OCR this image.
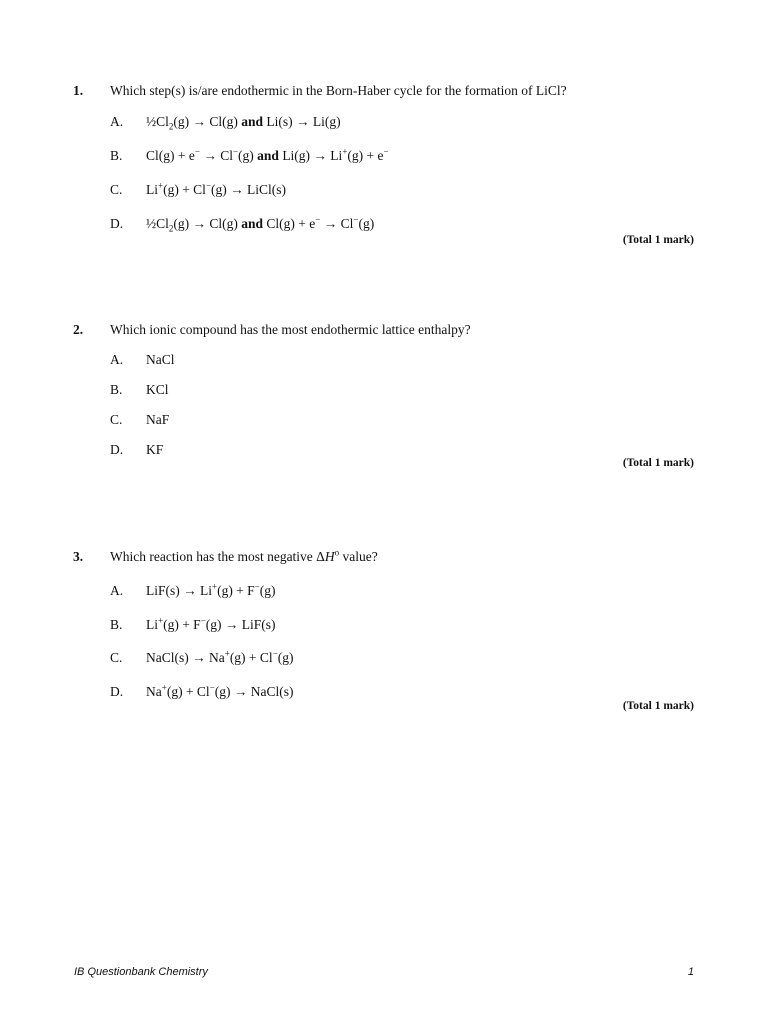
1. Which step(s) is/are endothermic in the Born-Haber cycle for the formation of LiCl?
A. $\frac{1}{2}Cl_2(g) \to Cl(g)$ and Li(s) → Li(g)
B. Cl(g) + e− → Cl−(g) and Li(g) → Li+(g) + e−
C. Li+(g) + Cl−(g) → LiCl(s)
D. $\frac{1}{2}Cl_2(g) \to Cl(g)$ and Cl(g) + e− → Cl−(g)
(Total 1 mark)
2. Which ionic compound has the most endothermic lattice enthalpy?
A. NaCl
B. KCl
C. NaF
D. KF
(Total 1 mark)
3. Which reaction has the most negative $\Delta H^o$ value?
A. LiF(s) → Li+(g) + F−(g)
B. Li+(g) + F−(g) → LiF(s)
C. NaCl(s) → Na+(g) + Cl−(g)
D. Na+(g) + Cl−(g) → NaCl(s)
(Total 1 mark)
IB Questionbank Chemistry	1
